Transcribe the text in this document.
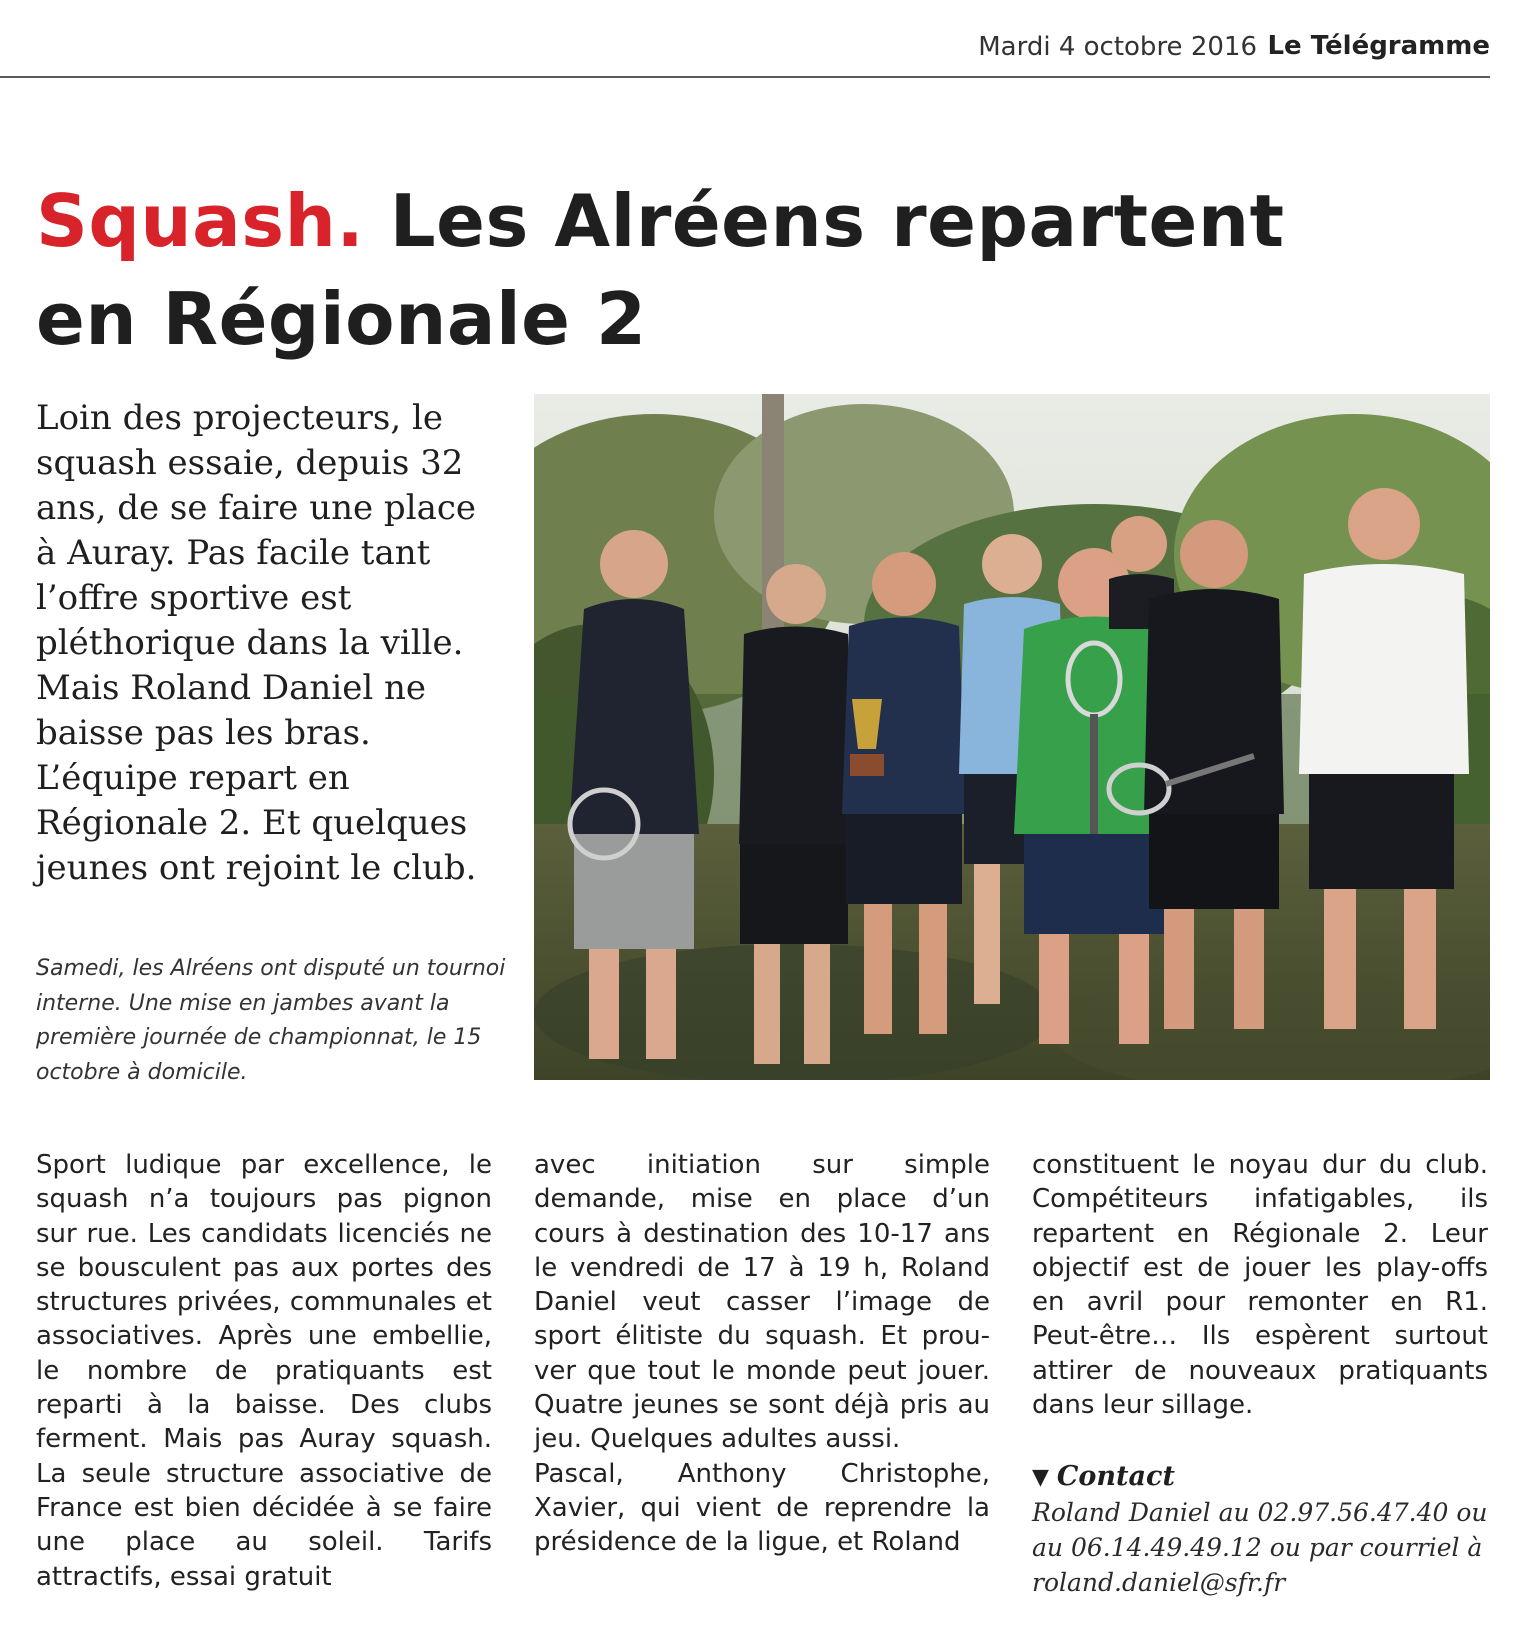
Mardi 4 octobre 2016 Le Télégramme
Squash. Les Alréens repartent
en Régionale 2

Loin des projecteurs, le squash essaie, depuis 32 ans, de se faire une place à Auray. Pas facile tant l’offre sportive est pléthorique dans la ville. Mais Roland Daniel ne baisse pas les bras. L’équipe repart en Régionale 2. Et quelques jeunes ont rejoint le club.

Samedi, les Alréens ont disputé un tournoi interne. Une mise en jambes avant la première journée de championnat, le 15 octobre à domicile.

Sport ludique par excellence, le squash n’a toujours pas pignon sur rue. Les candidats licenciés ne se bousculent pas aux portes des structures privées, communales et associatives. Après une embellie, le nombre de pratiquants est reparti à la baisse. Des clubs ferment. Mais pas Auray squash. La seule structure associative de France est bien décidée à se faire une place au soleil. Tarifs attractifs, essai gratuit

avec initiation sur simple demande, mise en place d’un cours à destination des 10-17 ans le vendredi de 17 à 19 h, Roland Daniel veut casser l’image de sport élitiste du squash. Et prouver que tout le monde peut jouer. Quatre jeunes se sont déjà pris au jeu. Quelques adultes aussi.

Pascal, Anthony Christophe, Xavier, qui vient de reprendre la présidence de la ligue, et Roland

constituent le noyau dur du club. Compétiteurs infatigables, ils repartent en Régionale 2. Leur objectif est de jouer les play-offs en avril pour remonter en R1. Peut-être… Ils espèrent surtout attirer de nouveaux pratiquants dans leur sillage.

▼ Contact
Roland Daniel au 02.97.56.47.40 ou au 06.14.49.49.12 ou par courriel à roland.daniel@sfr.fr
